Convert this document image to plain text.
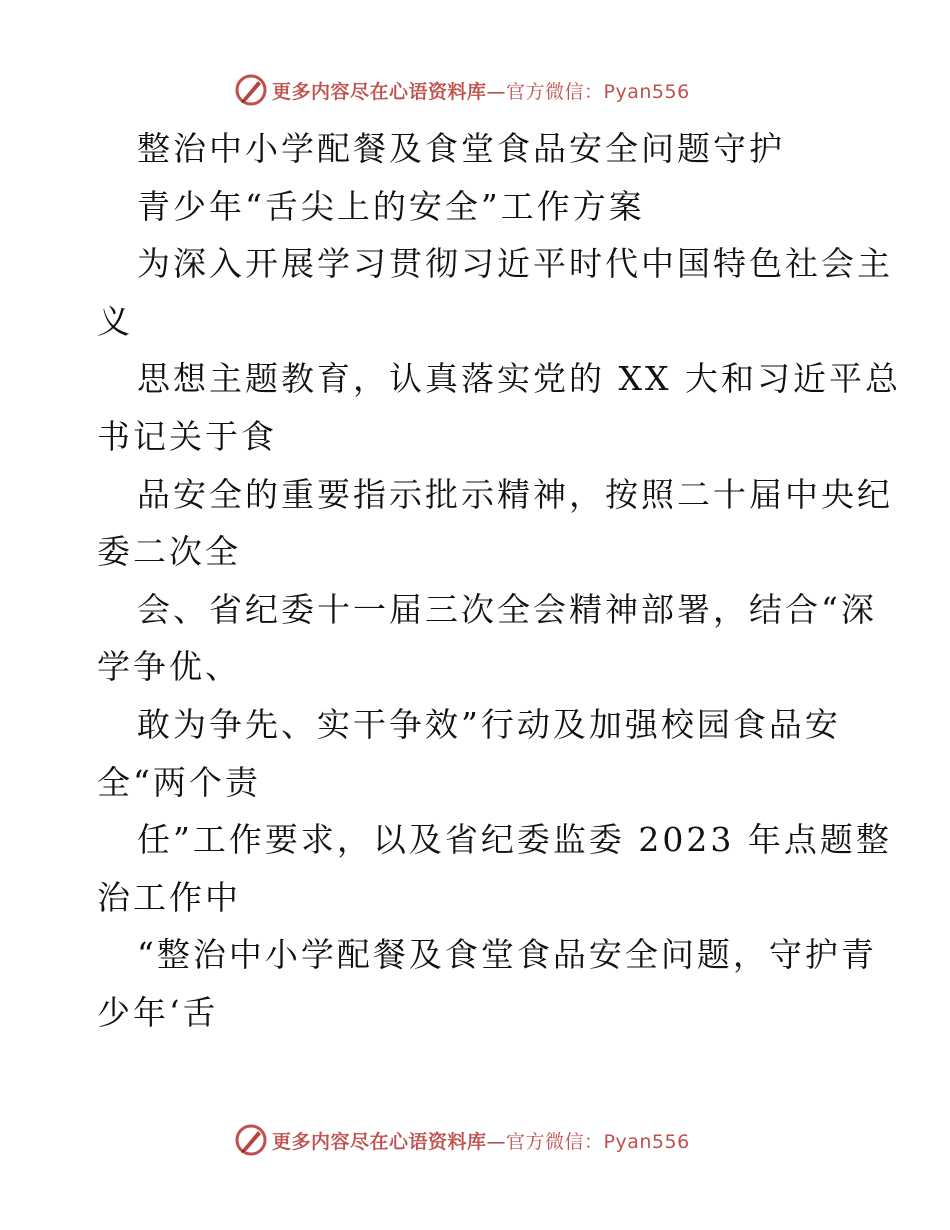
更多内容尽在心语资料库—官方微信：Pyan556
整治中小学配餐及食堂食品安全问题守护
青少年“舌尖上的安全”工作方案
为深入开展学习贯彻习近平时代中国特色社会主
义
思想主题教育，认真落实党的 XX 大和习近平总
书记关于食
品安全的重要指示批示精神，按照二十届中央纪
委二次全
会、省纪委十一届三次全会精神部署，结合“深
学争优、
敢为争先、实干争效”行动及加强校园食品安
全“两个责
任”工作要求，以及省纪委监委 2023 年点题整
治工作中
“整治中小学配餐及食堂食品安全问题，守护青
少年‘舌
更多内容尽在心语资料库—官方微信：Pyan556
